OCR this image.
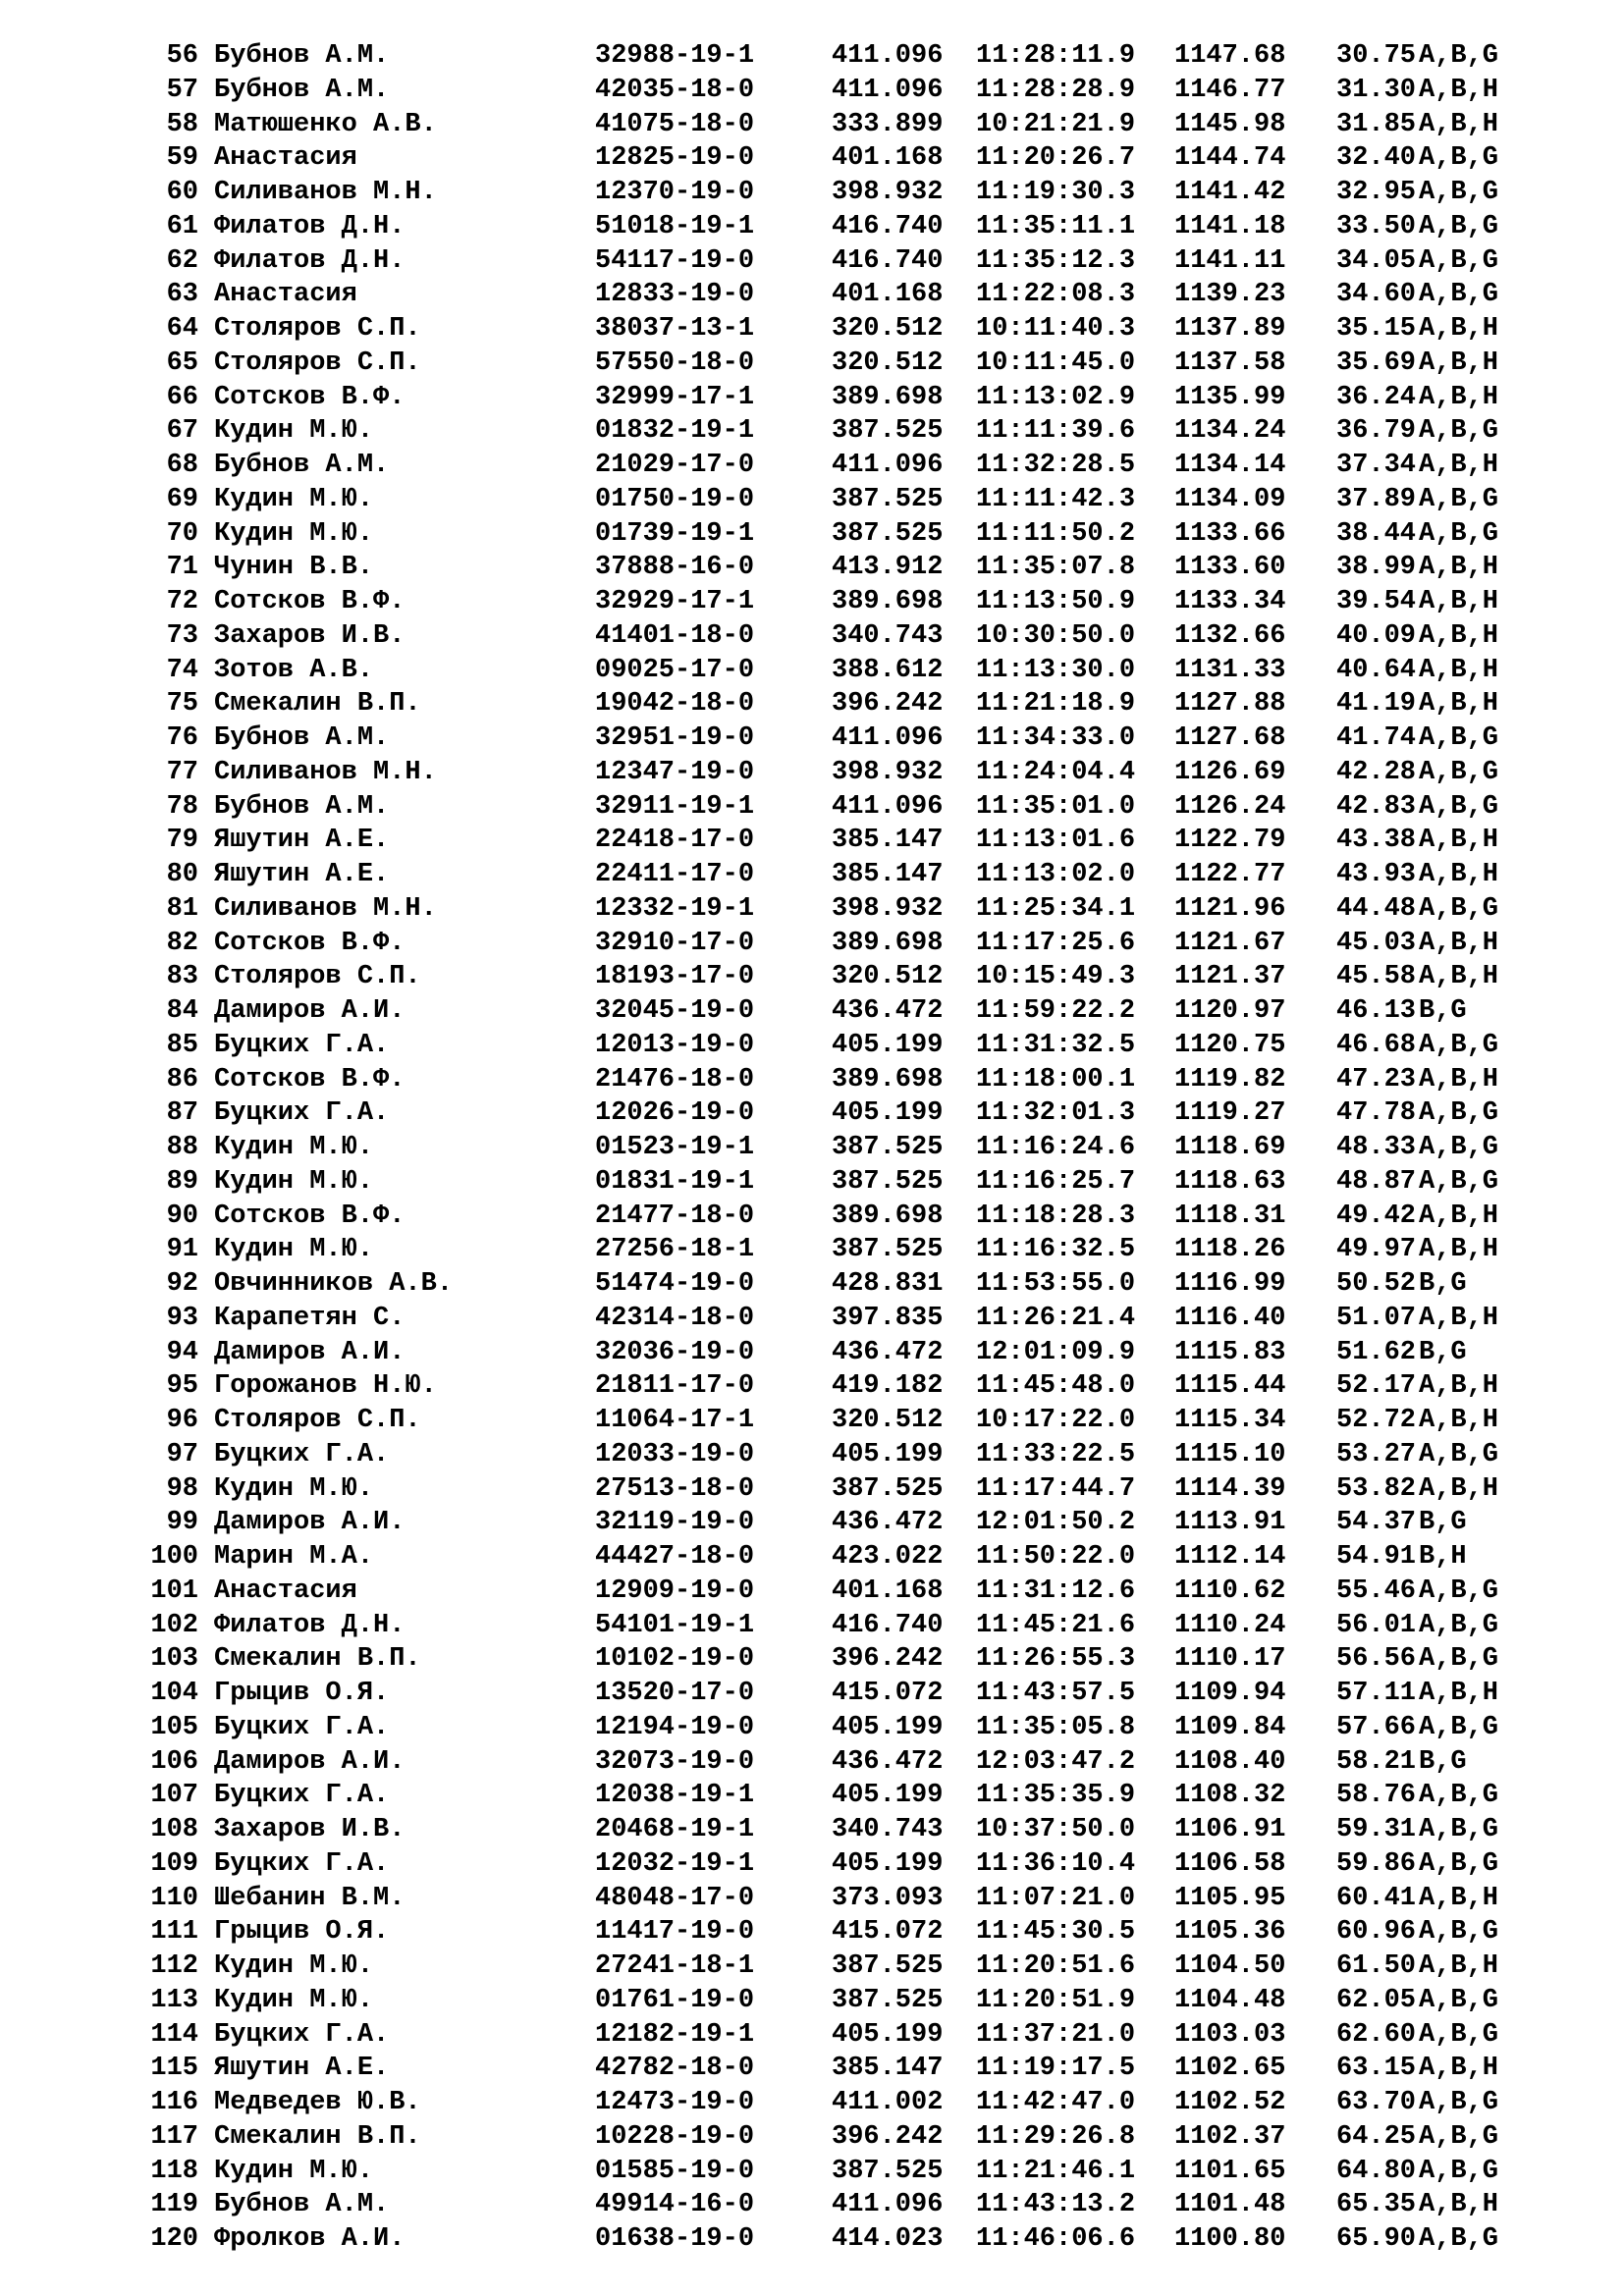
56 Бубнов А.М.	32988-19-1	411.096 11:28:11.9 1147.68 30.75 A,B,G
57 Бубнов А.М.	42035-18-0	411.096 11:28:28.9 1146.77 31.30 A,B,H
58 Матюшенко А.В.	41075-18-0	333.899 10:21:21.9 1145.98 31.85 A,B,H
59 Анастасия	12825-19-0	401.168 11:20:26.7 1144.74 32.40 A,B,G
60 Силиванов М.Н.	12370-19-0	398.932 11:19:30.3 1141.42 32.95 A,B,G
61 Филатов Д.Н.	51018-19-1	416.740 11:35:11.1 1141.18 33.50 A,B,G
62 Филатов Д.Н.	54117-19-0	416.740 11:35:12.3 1141.11 34.05 A,B,G
63 Анастасия	12833-19-0	401.168 11:22:08.3 1139.23 34.60 A,B,G
64 Столяров С.П.	38037-13-1	320.512 10:11:40.3 1137.89 35.15 A,B,H
65 Столяров С.П.	57550-18-0	320.512 10:11:45.0 1137.58 35.69 A,B,H
66 Сотсков В.Ф.	32999-17-1	389.698 11:13:02.9 1135.99 36.24 A,B,H
67 Кудин М.Ю.	01832-19-1	387.525 11:11:39.6 1134.24 36.79 A,B,G
68 Бубнов А.М.	21029-17-0	411.096 11:32:28.5 1134.14 37.34 A,B,H
69 Кудин М.Ю.	01750-19-0	387.525 11:11:42.3 1134.09 37.89 A,B,G
70 Кудин М.Ю.	01739-19-1	387.525 11:11:50.2 1133.66 38.44 A,B,G
71 Чунин В.В.	37888-16-0	413.912 11:35:07.8 1133.60 38.99 A,B,H
72 Сотсков В.Ф.	32929-17-1	389.698 11:13:50.9 1133.34 39.54 A,B,H
73 Захаров И.В.	41401-18-0	340.743 10:30:50.0 1132.66 40.09 A,B,H
74 Зотов А.В.	09025-17-0	388.612 11:13:30.0 1131.33 40.64 A,B,H
75 Смекалин В.П.	19042-18-0	396.242 11:21:18.9 1127.88 41.19 A,B,H
76 Бубнов А.М.	32951-19-0	411.096 11:34:33.0 1127.68 41.74 A,B,G
77 Силиванов М.Н.	12347-19-0	398.932 11:24:04.4 1126.69 42.28 A,B,G
78 Бубнов А.М.	32911-19-1	411.096 11:35:01.0 1126.24 42.83 A,B,G
79 Яшутин А.Е.	22418-17-0	385.147 11:13:01.6 1122.79 43.38 A,B,H
80 Яшутин А.Е.	22411-17-0	385.147 11:13:02.0 1122.77 43.93 A,B,H
81 Силиванов М.Н.	12332-19-1	398.932 11:25:34.1 1121.96 44.48 A,B,G
82 Сотсков В.Ф.	32910-17-0	389.698 11:17:25.6 1121.67 45.03 A,B,H
83 Столяров С.П.	18193-17-0	320.512 10:15:49.3 1121.37 45.58 A,B,H
84 Дамиров А.И.	32045-19-0	436.472 11:59:22.2 1120.97 46.13 B,G
85 Буцких Г.А.	12013-19-0	405.199 11:31:32.5 1120.75 46.68 A,B,G
86 Сотсков В.Ф.	21476-18-0	389.698 11:18:00.1 1119.82 47.23 A,B,H
87 Буцких Г.А.	12026-19-0	405.199 11:32:01.3 1119.27 47.78 A,B,G
88 Кудин М.Ю.	01523-19-1	387.525 11:16:24.6 1118.69 48.33 A,B,G
89 Кудин М.Ю.	01831-19-1	387.525 11:16:25.7 1118.63 48.87 A,B,G
90 Сотсков В.Ф.	21477-18-0	389.698 11:18:28.3 1118.31 49.42 A,B,H
91 Кудин М.Ю.	27256-18-1	387.525 11:16:32.5 1118.26 49.97 A,B,H
92 Овчинников А.В.	51474-19-0	428.831 11:53:55.0 1116.99 50.52 B,G
93 Карапетян С.	42314-18-0	397.835 11:26:21.4 1116.40 51.07 A,B,H
94 Дамиров А.И.	32036-19-0	436.472 12:01:09.9 1115.83 51.62 B,G
95 Горожанов Н.Ю.	21811-17-0	419.182 11:45:48.0 1115.44 52.17 A,B,H
96 Столяров С.П.	11064-17-1	320.512 10:17:22.0 1115.34 52.72 A,B,H
97 Буцких Г.А.	12033-19-0	405.199 11:33:22.5 1115.10 53.27 A,B,G
98 Кудин М.Ю.	27513-18-0	387.525 11:17:44.7 1114.39 53.82 A,B,H
99 Дамиров А.И.	32119-19-0	436.472 12:01:50.2 1113.91 54.37 B,G
100 Марин М.А.	44427-18-0	423.022 11:50:22.0 1112.14 54.91 B,H
101 Анастасия	12909-19-0	401.168 11:31:12.6 1110.62 55.46 A,B,G
102 Филатов Д.Н.	54101-19-1	416.740 11:45:21.6 1110.24 56.01 A,B,G
103 Смекалин В.П.	10102-19-0	396.242 11:26:55.3 1110.17 56.56 A,B,G
104 Грыцив О.Я.	13520-17-0	415.072 11:43:57.5 1109.94 57.11 A,B,H
105 Буцких Г.А.	12194-19-0	405.199 11:35:05.8 1109.84 57.66 A,B,G
106 Дамиров А.И.	32073-19-0	436.472 12:03:47.2 1108.40 58.21 B,G
107 Буцких Г.А.	12038-19-1	405.199 11:35:35.9 1108.32 58.76 A,B,G
108 Захаров И.В.	20468-19-1	340.743 10:37:50.0 1106.91 59.31 A,B,G
109 Буцких Г.А.	12032-19-1	405.199 11:36:10.4 1106.58 59.86 A,B,G
110 Шебанин В.М.	48048-17-0	373.093 11:07:21.0 1105.95 60.41 A,B,H
111 Грыцив О.Я.	11417-19-0	415.072 11:45:30.5 1105.36 60.96 A,B,G
112 Кудин М.Ю.	27241-18-1	387.525 11:20:51.6 1104.50 61.50 A,B,H
113 Кудин М.Ю.	01761-19-0	387.525 11:20:51.9 1104.48 62.05 A,B,G
114 Буцких Г.А.	12182-19-1	405.199 11:37:21.0 1103.03 62.60 A,B,G
115 Яшутин А.Е.	42782-18-0	385.147 11:19:17.5 1102.65 63.15 A,B,H
116 Медведев Ю.В.	12473-19-0	411.002 11:42:47.0 1102.52 63.70 A,B,G
117 Смекалин В.П.	10228-19-0	396.242 11:29:26.8 1102.37 64.25 A,B,G
118 Кудин М.Ю.	01585-19-0	387.525 11:21:46.1 1101.65 64.80 A,B,G
119 Бубнов А.М.	49914-16-0	411.096 11:43:13.2 1101.48 65.35 A,B,H
120 Фролков А.И.	01638-19-0	414.023 11:46:06.6 1100.80 65.90 A,B,G
